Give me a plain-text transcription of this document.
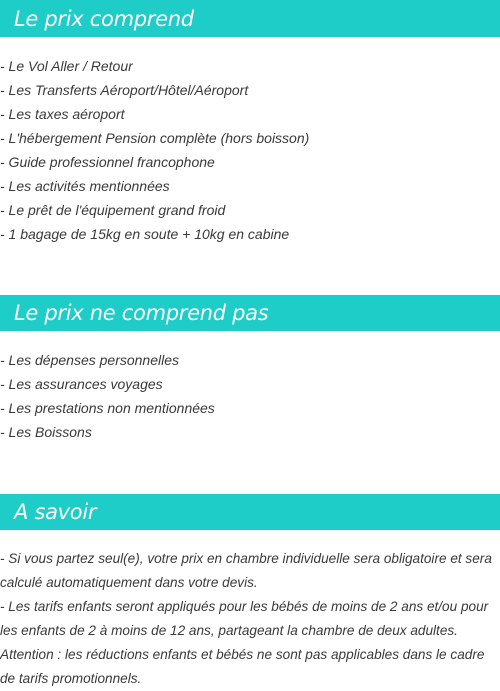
Le prix comprend
- Le Vol Aller / Retour
- Les Transferts Aéroport/Hôtel/Aéroport
- Les taxes aéroport
- L'hébergement Pension complète (hors boisson)
- Guide professionnel francophone
- Les activités mentionnées
- Le prêt de l'équipement grand froid
- 1 bagage de 15kg en soute + 10kg en cabine
Le prix ne comprend pas
- Les dépenses personnelles
- Les assurances voyages
- Les prestations non mentionnées
- Les Boissons
A savoir

- Si vous partez seul(e), votre prix en chambre individuelle sera obligatoire et sera calculé automatiquement dans votre devis.

- Les tarifs enfants seront appliqués pour les bébés de moins de 2 ans et/ou pour les enfants de 2 à moins de 12 ans, partageant la chambre de deux adultes.

Attention : les réductions enfants et bébés ne sont pas applicables dans le cadre de tarifs promotionnels.
